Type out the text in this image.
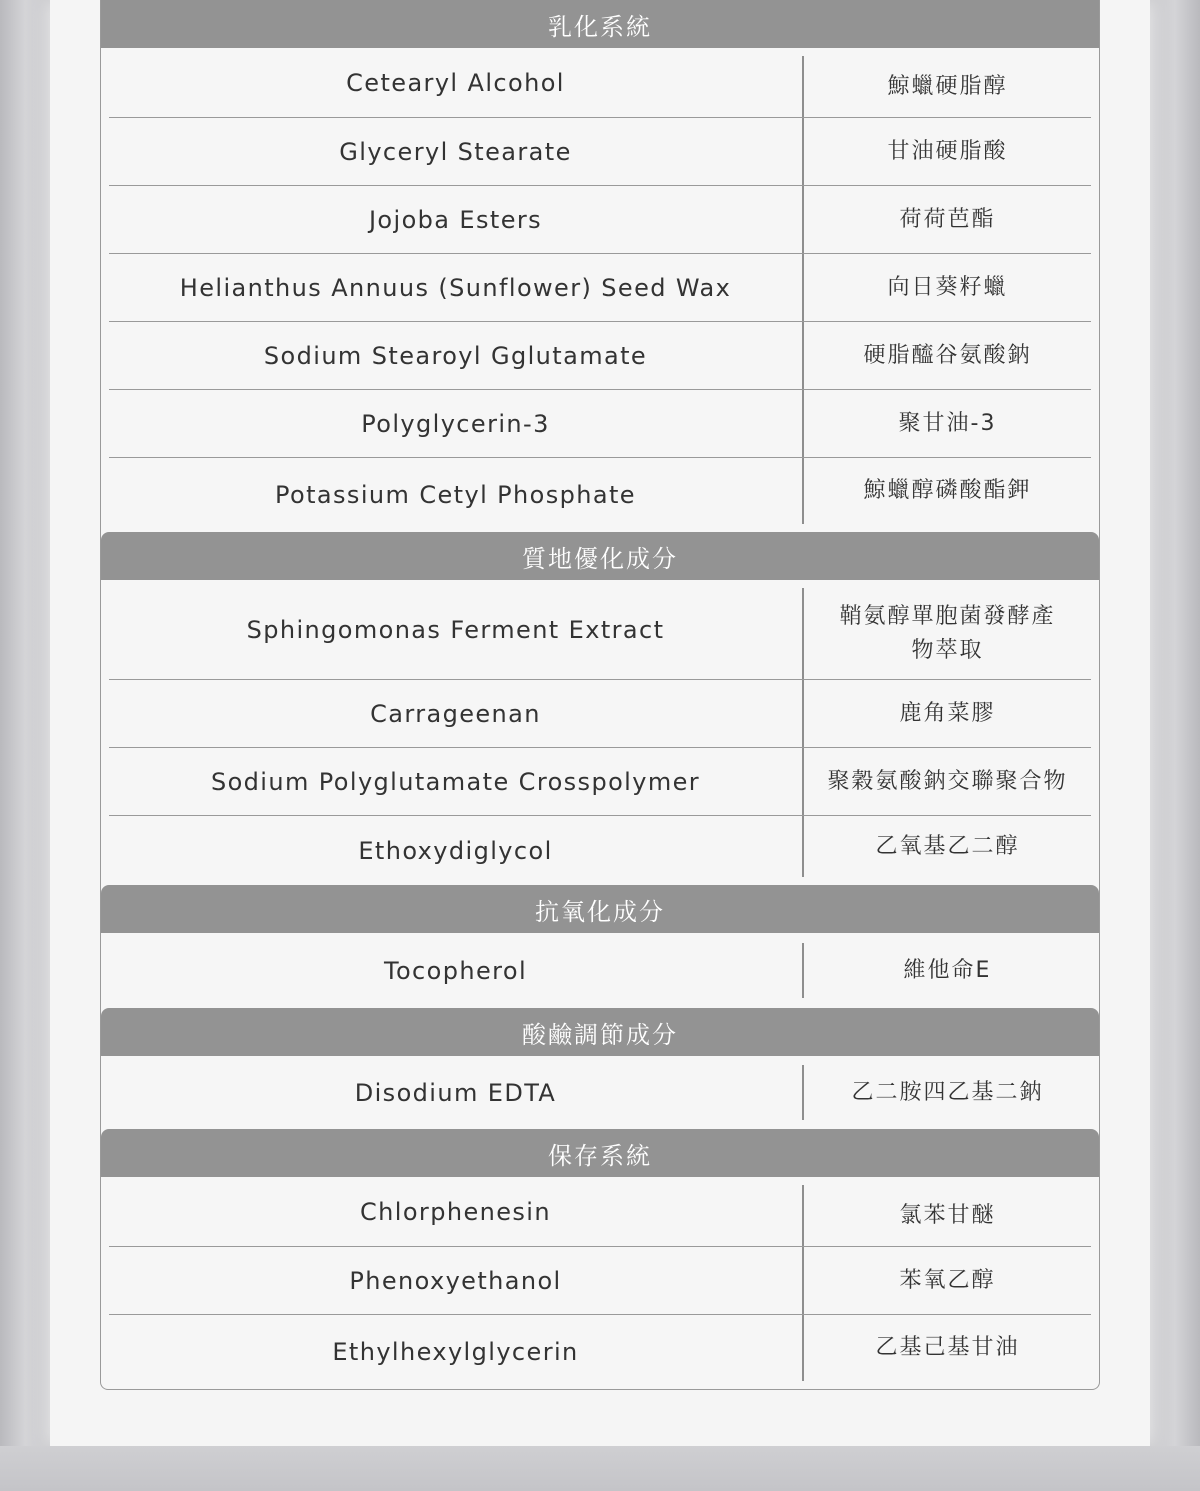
乳化系統
Cetearyl Alcohol	鯨蠟硬脂醇
Glyceryl Stearate	甘油硬脂酸
Jojoba Esters	荷荷芭酯
Helianthus Annuus (Sunflower) Seed Wax	向日葵籽蠟
Sodium Stearoyl Gglutamate	硬脂醯谷氨酸鈉
Polyglycerin-3	聚甘油-3
Potassium Cetyl Phosphate	鯨蠟醇磷酸酯鉀
質地優化成分
Sphingomonas Ferment Extract	鞘氨醇單胞菌發酵產物萃取
Carrageenan	鹿角菜膠
Sodium Polyglutamate Crosspolymer	聚穀氨酸鈉交聯聚合物
Ethoxydiglycol	乙氧基乙二醇
抗氧化成分
Tocopherol	維他命E
酸鹼調節成分
Disodium EDTA	乙二胺四乙基二鈉
保存系統
Chlorphenesin	氯苯甘醚
Phenoxyethanol	苯氧乙醇
Ethylhexylglycerin	乙基己基甘油
